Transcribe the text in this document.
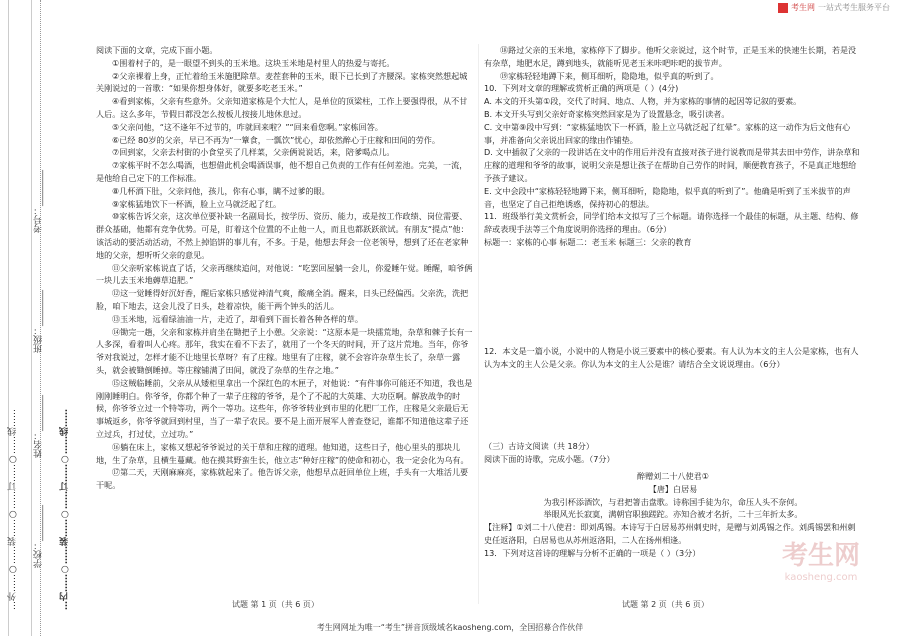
…外……○……装……○……订……○……线……	…内……○……装……○……订……○……线……
学校：________
姓名：________
班级：________
考号：________
考生网 一站式考生服务平台

阅读下面的文章，完成下面小题。

①围着村子的，是一眼望不到头的玉米地。这块玉米地是村里人的热爱与寄托。

②父亲裸着上身，正忙着给玉米施肥除草。麦茬套种的玉米，眼下已长到了齐腰深。家栋突然想起城关刚说过的一首歌：“如果你想身体好，就要多吃老玉米。”

④看到家栋，父亲有些意外。父亲知道家栋是个大忙人，是单位的顶梁柱，工作上要强得很，从不甘人后。这么多年，节假日都没怎么按板儿按接儿地休息过。

⑤父亲问他，“这不逢年不过节的，咋就回来啦？”“回来看您啊。”家栋回答。

⑥已经 80岁的父亲，早已不再为“一簞食，一瓢饮”忧心，却依然醉心于庄稼和田间的劳作。

⑦回到家，父亲去村街的小食堂买了几样菜，父亲俩说说话，来，陪爹喝点儿。

⑦家栋平时不怎么喝酒，也想借此机会喝酒误事，他不想自己负责的工作有任何差池。完美，一流，是他给自己定下的工作标准。

⑧几杯酒下肚，父亲问他，孩儿，你有心事，瞒不过爹的眼。

⑨家栋猛地饮下一杯酒，脸上立马就泛起了红。

⑩家栋告诉父亲，这次单位要补缺一名副局长，按学历、资历、能力，或是按工作政绩、岗位需要、群众基础，他都有竞争优势。可是，盯着这个位置的不止他一人，而且也都跃跃欲试。有朋友“提点”他：该活动的要活动活动，不然上掉馅饼的事儿有，不多。于是，他想去拜会一位老领导，想到了还在老家种地的父亲，想听听父亲的意见。

⑪父亲听家栋说直了话，父亲再继续追问，对他说：“吃罢回屋躺一会儿，你爱睡午觉。睡醒，咱爷俩一块儿去玉米地薅草追肥。”

⑫这一觉睡得好沉好香，醒后家栋只感觉神清气爽，酸痛全消。醒来，日头已经偏西。父亲洗，洗把脸，咱下地去，这会儿没了日头，趁着凉快，能干两个钟头的活儿。

⑬玉米地，远看绿油油一片，走近了，却看到下面长着各种各样的草。

⑭锄完一趟，父亲和家栋并肩坐在锄把子上小憩。父亲说：“这原本是一块擂荒地，杂草和棘子长有一人多深，看着叫人心疼。那年，我实在看不下去了，就用了一个冬天的时间，开了这片荒地。当年，你爷爷对我说过，怎样才能不让地里长草呀？有了庄稼。地里有了庄稼，就不会容许杂草生长了，杂草一露头，就会被锄倒睡掉。等庄稼铺满了田间，就没了杂草的生存之地。”

⑮这贼临睡前，父亲从从矮柜里拿出一个深红色的木匣子，对他说：“有件事你可能还不知道，我也是刚刚睡明白。你爷爷，你都个种了一辈子庄稼的爷爷，是个了不起的大英雄、大功臣啊。解放战争的时候，你爷爷立过一个特等功，两个一等功。这些年，你爷爷转业到市里的化肥厂工作，庄稼是父亲最后无事城返乡，你爷爷就回到村里，当了一辈子农民。要不是上面开展军人普查登记，谁都不知道他这辈子还立过兵，打过仗，立过功。”

⑯躺在床上，家栋又想起爷爷说过的关于草和庄稼的道理。他知道，这些日子，他心里头的那块儿地，生了杂草，且横生蔓藏。他在摸其野蛮生长，他立志“种好庄稼”的使命和初心，我一定会化为乌有。

⑰第二天，天刚麻麻亮，家栋就起来了。他告诉父亲，他想早点赶回单位上班，手头有一大堆活儿要干呢。

⑱路过父亲的玉米地，家栋停下了脚步。他听父亲说过，这个时节，正是玉米的快速生长期，若是没有杂草，地肥水足，蹲到地头，就能听见老玉米咔吧咔吧的拔节声。

⑲家栋轻轻地蹲下来，侧耳细听，隐隐地，似乎真的听到了。

10．下列对文章的理解或赏析正确的两项是（ ）(4分)

A. 本文的开头第①段，交代了时间、地点、人物，并为家栋的事情的起因等记叙的要素。

B. 本文开头写到父亲好奇家栋突然回家是为了设置悬念，吸引读者。

C. 文中第⑨段中写到：“家栋猛地饮下一杯酒，脸上立马就泛起了红晕”。家栋的这一动作为后文他有心事，并准备向父亲说出回家的缘由作铺垫。

D. 文中插叙了父亲的一段讲话在文中的作用后并没有直接对孩子进行说教而是带其去田中劳作，讲杂草和庄稼的道理和爷爷的故事，说明父亲是想让孩子在帮助自己劳作的时间，顺便教育孩子，不是真正地想给予孩子建议。

E. 文中会段中“家栋轻轻地蹲下来，侧耳细听，隐隐地，似乎真的听到了”。他确是听到了玉米拔节的声音，也坚定了自己拒绝诱惑，保持初心的想法。

11．班级举行美文赏析会，同学们给本文拟写了三个标题。请你选择一个最佳的标题，从主题、结构、修辞或表现手法等三个角度说明你选择的理由。（6分）

标题一：家栋的心事 标题二：老玉米 标题三：父亲的教育

12．本文是一篇小说，小说中的人物是小说三要素中的核心要素。有人认为本文的主人公是家栋，也有人认为本文的主人公是父亲。你认为本文的主人公是谁？请结合全文说说理由。（6分）

（三）古诗文阅读（共 18分）

阅读下面的诗歌，完成小题。（7分）

醉赠刘二十八使君①

【唐】白居易

为我引杯添酒饮，与君把箸击盘歌。诗称国手徒为尔，命压人头不奈何。

举眼风光长寂寞，满朝官职独蹉跎。亦知合被才名折，二十三年折太多。

【注释】①刘二十八使君：即刘禹锡。本诗写于白居易苏州刺史时，是赠与刘禹锡之作。刘禹锡罢和州刺史任返洛阳，白居易也从苏州返洛阳，二人在扬州相逢。

13．下列对这首诗的理解与分析不正确的一项是（ ）（3分）

试题 第 1 页（共 6 页）	试题 第 2 页（共 6 页）
考生网网址为唯一“考生”拼音顶级域名kaosheng.com，全国招募合作伙伴
考生网
kaosheng.com
